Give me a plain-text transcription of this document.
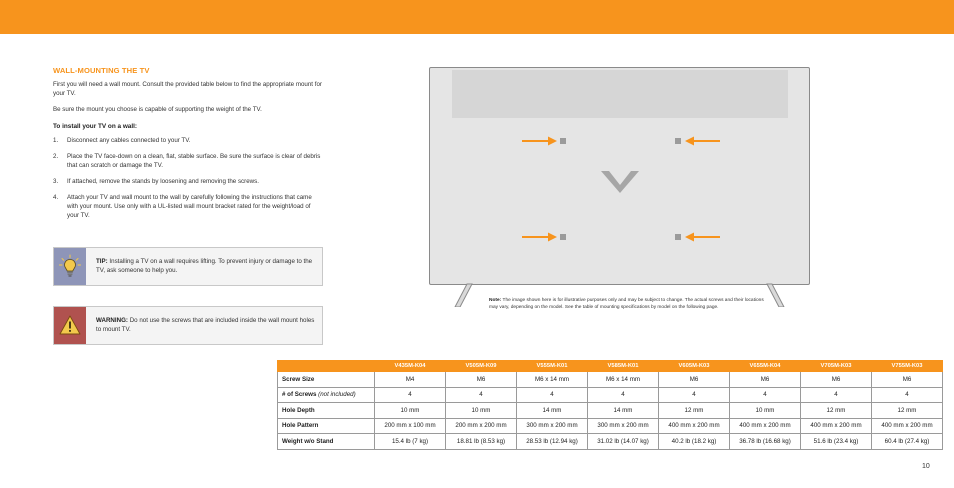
WALL-MOUNTING THE TV
First you will need a wall mount. Consult the provided table below to find the appropriate mount for your TV.
Be sure the mount you choose is capable of supporting the weight of the TV.
To install your TV on a wall:
1. Disconnect any cables connected to your TV.
2. Place the TV face-down on a clean, flat, stable surface. Be sure the surface is clear of debris that can scratch or damage the TV.
3. If attached, remove the stands by loosening and removing the screws.
4. Attach your TV and wall mount to the wall by carefully following the instructions that came with your mount. Use only with a UL-listed wall mount bracket rated for the weight/load of your TV.
TIP: Installing a TV on a wall requires lifting. To prevent injury or damage to the TV, ask someone to help you.
WARNING: Do not use the screws that are included inside the wall mount holes to mount TV.
Note: The image shown here is for illustrative purposes only and may be subject to change. The actual screws and their locations may vary, depending on the model. See the table of mounting specifications by model on the following page.
	V435M-K04	V505M-K09	V555M-K01	V585M-K01	V605M-K03	V655M-K04	V705M-K03	V755M-K03
Screw Size	M4	M6	M6 x 14 mm	M6 x 14 mm	M6	M6	M6	M6
# of Screws (not included)	4	4	4	4	4	4	4	4
Hole Depth	10 mm	10 mm	14 mm	14 mm	12 mm	10 mm	12 mm	12 mm
Hole Pattern	200 mm x 100 mm	200 mm x 200 mm	300 mm x 200 mm	300 mm x 200 mm	400 mm x 200 mm	400 mm x 200 mm	400 mm x 200 mm	400 mm x 200 mm
Weight w/o Stand	15.4 lb (7 kg)	18.81 lb (8.53 kg)	28.53 lb (12.94 kg)	31.02 lb (14.07 kg)	40.2 lb (18.2 kg)	36.78 lb (16.68 kg)	51.6 lb (23.4 kg)	60.4 lb (27.4 kg)
10
